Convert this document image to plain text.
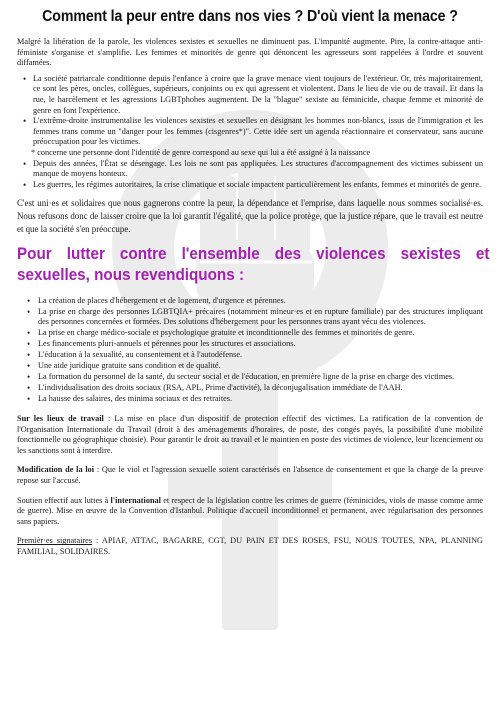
Comment la peur entre dans nos vies ? D'où vient la menace ?

Malgré la libération de la parole, les violences sexistes et sexuelles ne diminuent pas. L'impunité augmente. Pire, la contre-attaque anti-féministe s'organise et s'amplifie. Les femmes et minorités de genre qui dénoncent les agresseurs sont rappelées à l'ordre et souvent diffamées.

• La société patriarcale conditionne depuis l'enfance à croire que la grave menace vient toujours de l'extérieur. Or, très majoritairement, ce sont les pères, oncles, collègues, supérieurs, conjoints ou ex qui agressent et violentent. Dans le lieu de vie ou de travail. Et dans la rue, le harcèlement et les agressions LGBTphobes augmentent. De la "blague" sexiste au féminicide, chaque femme et minorité de genre en font l'expérience.
• L'extrême-droite instrumentalise les violences sexistes et sexuelles en désignant les hommes non-blancs, issus de l'immigration et les femmes trans comme un "danger pour les femmes (cisgenres*)". Cette idée sert un agenda réactionnaire et conservateur, sans aucune préoccupation pour les victimes.
* concerne une personne dont l'identité de genre correspond au sexe qui lui a été assigné à la naissance
• Depuis des années, l'État se désengage. Les lois ne sont pas appliquées. Les structures d'accompagnement des victimes subissent un manque de moyens honteux.
• Les guerres, les régimes autoritaires, la crise climatique et sociale impactent particulièrement les enfants, femmes et minorités de genre.

C'est uni·es et solidaires que nous gagnerons contre la peur, la dépendance et l'emprise, dans laquelle nous sommes socialisé·es. Nous refusons donc de laisser croire que la loi garantit l'égalité, que la police protège, que la justice répare, que le travail est neutre et que la société s'en préoccupe.

Pour lutter contre l'ensemble des violences sexistes et sexuelles, nous revendiquons :
• La création de places d'hébergement et de logement, d'urgence et pérennes.
• La prise en charge des personnes LGBTQIA+ précaires (notamment mineur·es et en rupture familiale) par des structures impliquant des personnes concernées et formées. Des solutions d'hébergement pour les personnes trans ayant vécu des violences.
• La prise en charge médico-sociale et psychologique gratuite et inconditionnelle des femmes et minorités de genre.
• Les financements pluri-annuels et pérennes pour les structures et associations.
• L'éducation à la sexualité, au consentement et à l'autodéfense.
• Une aide juridique gratuite sans condition et de qualité.
• La formation du personnel de la santé, du secteur social et de l'éducation, en première ligne de la prise en charge des victimes.
• L'individualisation des droits sociaux (RSA, APL, Prime d'activité), la déconjugalisation immédiate de l'AAH.
• La hausse des salaires, des minima sociaux et des retraites.

Sur les lieux de travail : La mise en place d'un dispositif de protection effectif des victimes. La ratification de la convention de l'Organisation Internationale du Travail (droit à des aménagements d'horaires, de poste, des congés payés, la possibilité d'une mobilité fonctionnelle ou géographique choisie). Pour garantir le droit au travail et le maintien en poste des victimes de violence, leur licenciement ou les sanctions sont à interdire.

Modification de la loi : Que le viol et l'agression sexuelle soient caractérisés en l'absence de consentement et que la charge de la preuve repose sur l'accusé.

Soutien effectif aux luttes à l'international et respect de la législation contre les crimes de guerre (féminicides, viols de masse comme arme de guerre). Mise en œuvre de la Convention d'Istanbul. Politique d'accueil inconditionnel et permanent, avec régularisation des personnes sans papiers.

Premièr·es signataires : APIAF, ATTAC, BAGARRE, CGT, DU PAIN ET DES ROSES, FSU, NOUS TOUTES, NPA, PLANNING FAMILIAL, SOLIDAIRES.
